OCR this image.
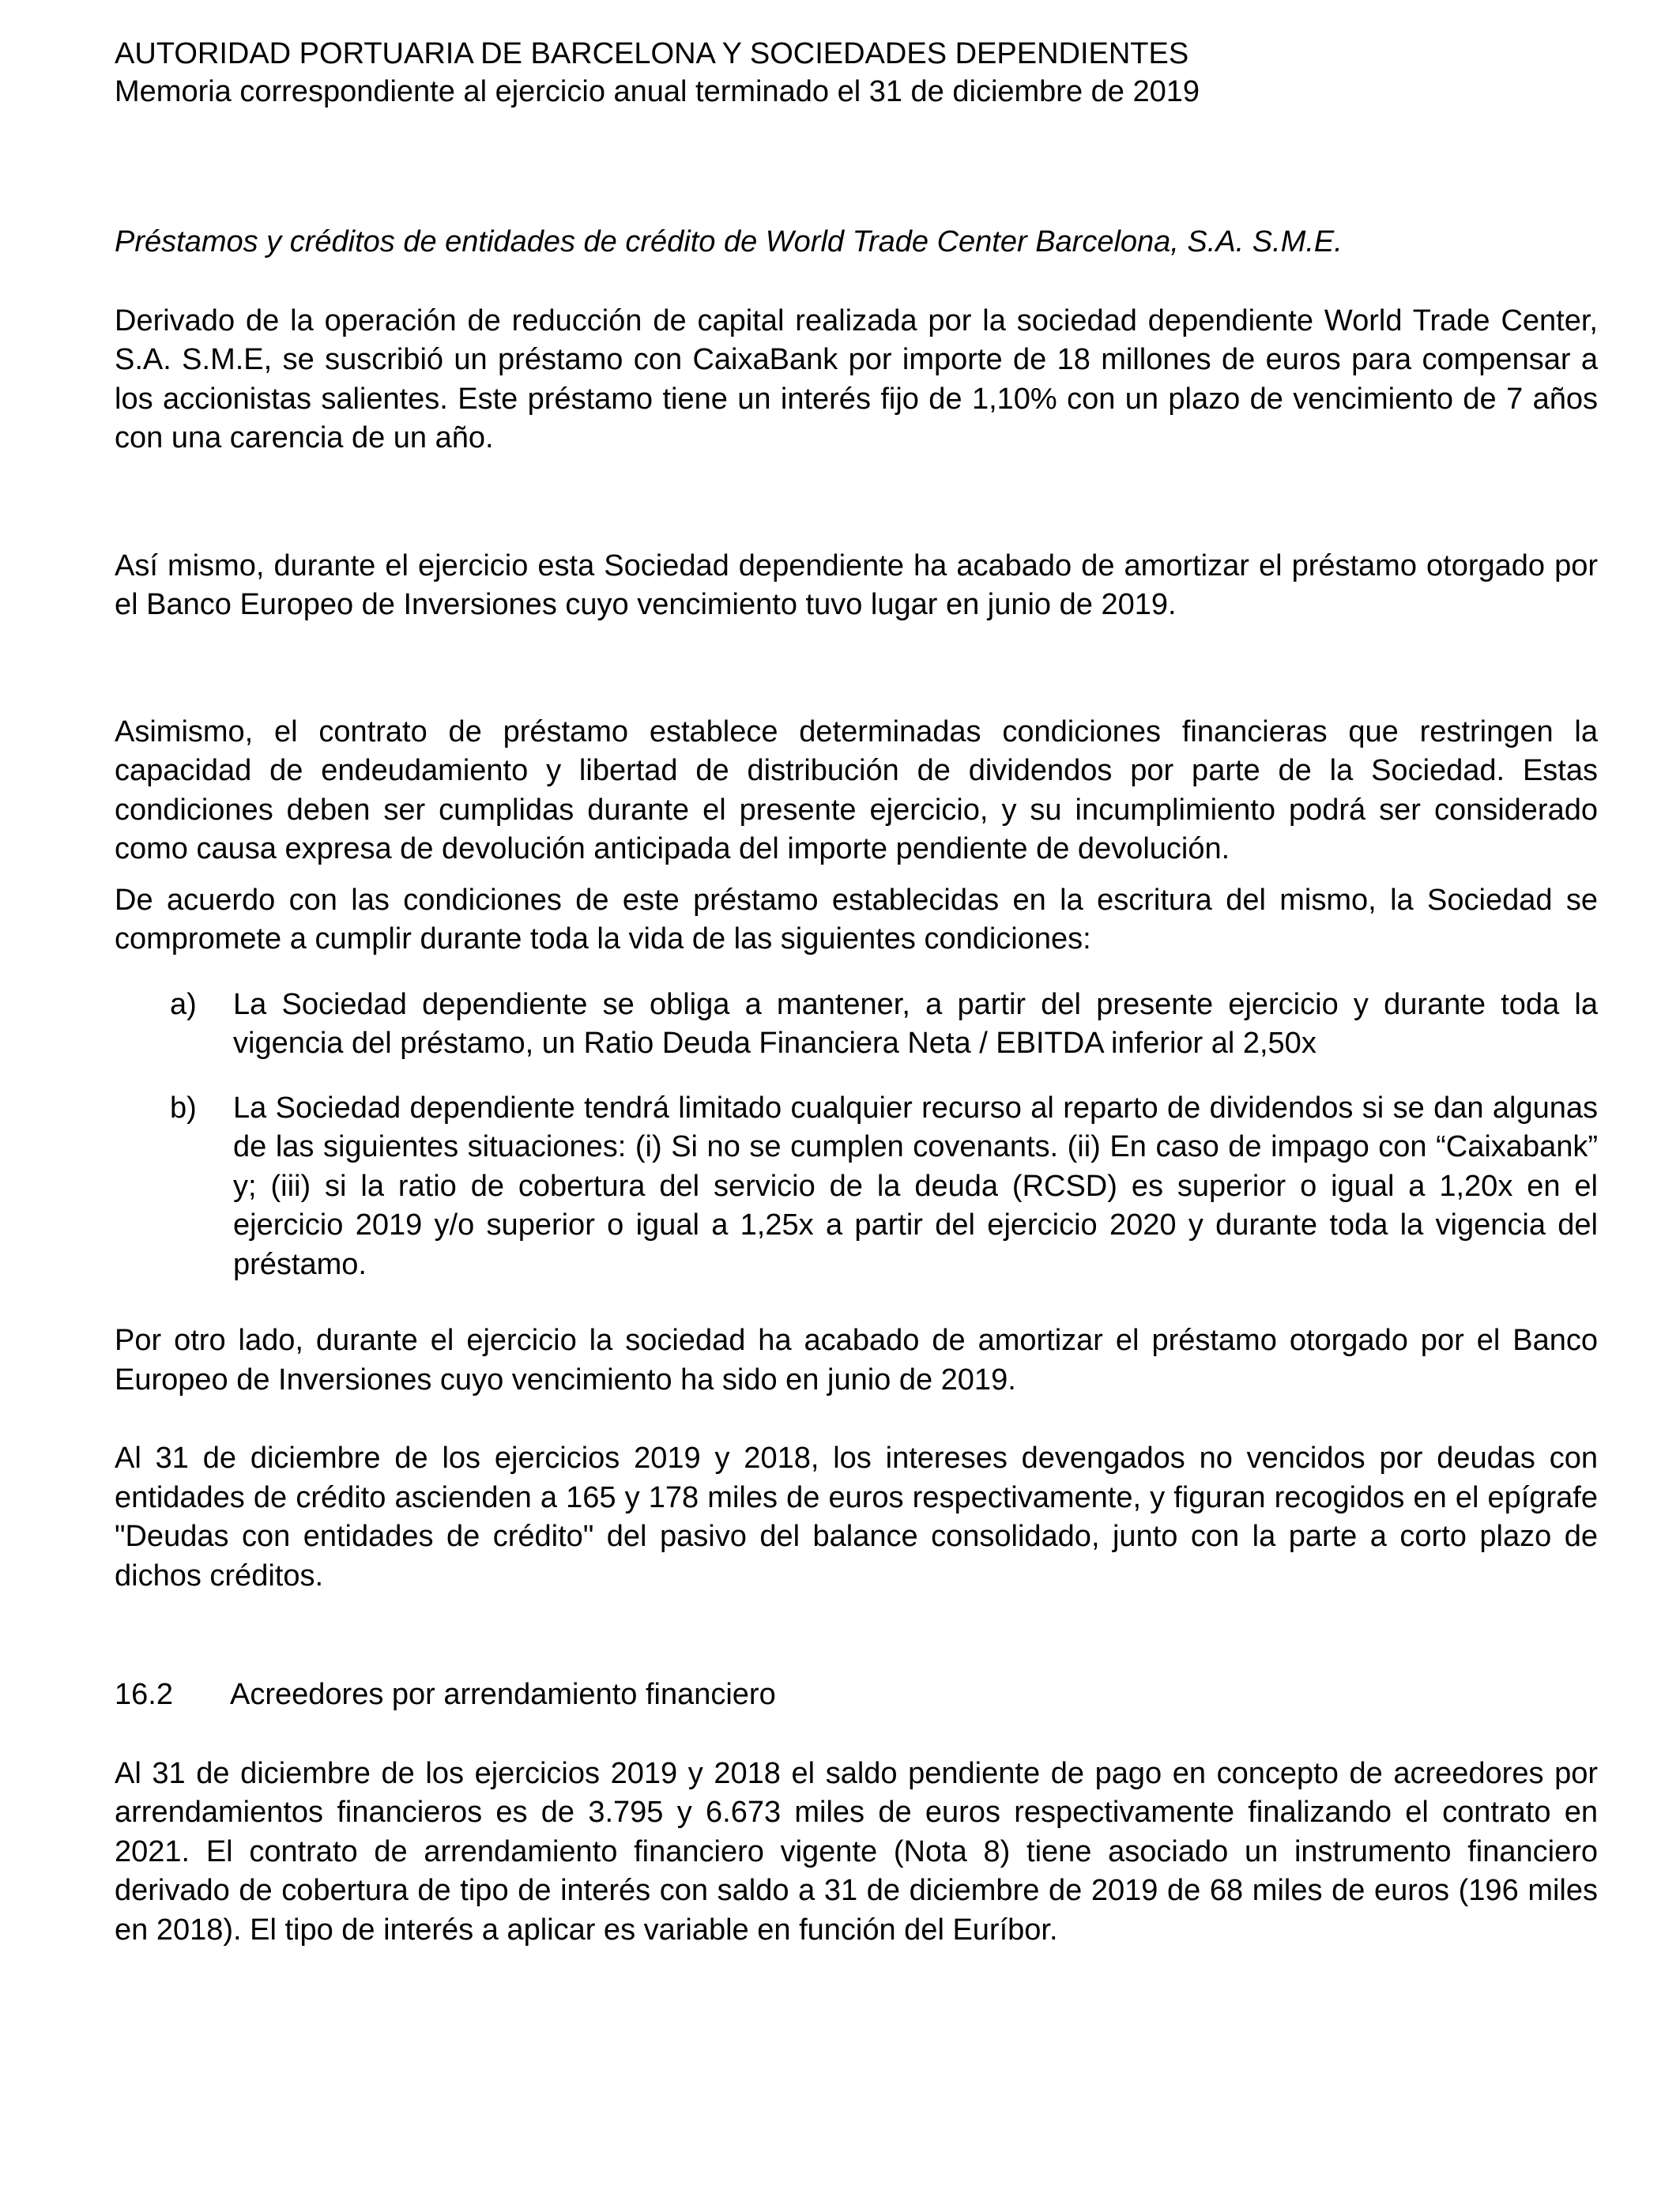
AUTORIDAD PORTUARIA DE BARCELONA Y SOCIEDADES DEPENDIENTES

Memoria correspondiente al ejercicio anual terminado el 31 de diciembre de 2019

Préstamos y créditos de entidades de crédito de World Trade Center Barcelona, S.A. S.M.E.

Derivado de la operación de reducción de capital realizada por la sociedad dependiente World Trade Center, S.A. S.M.E, se suscribió un préstamo con CaixaBank por importe de 18 millones de euros para compensar a los accionistas salientes. Este préstamo tiene un interés fijo de 1,10% con un plazo de vencimiento de 7 años con una carencia de un año.

Así mismo, durante el ejercicio esta Sociedad dependiente ha acabado de amortizar el préstamo otorgado por el Banco Europeo de Inversiones cuyo vencimiento tuvo lugar en junio de 2019.

Asimismo, el contrato de préstamo establece determinadas condiciones financieras que restringen la capacidad de endeudamiento y libertad de distribución de dividendos por parte de la Sociedad. Estas condiciones deben ser cumplidas durante el presente ejercicio, y su incumplimiento podrá ser considerado como causa expresa de devolución anticipada del importe pendiente de devolución.

De acuerdo con las condiciones de este préstamo establecidas en la escritura del mismo, la Sociedad se compromete a cumplir durante toda la vida de las siguientes condiciones:

a) La Sociedad dependiente se obliga a mantener, a partir del presente ejercicio y durante toda la vigencia del préstamo, un Ratio Deuda Financiera Neta / EBITDA inferior al 2,50x

b) La Sociedad dependiente tendrá limitado cualquier recurso al reparto de dividendos si se dan algunas de las siguientes situaciones: (i) Si no se cumplen covenants. (ii) En caso de impago con “Caixabank” y; (iii) si la ratio de cobertura del servicio de la deuda (RCSD) es superior o igual a 1,20x en el ejercicio 2019 y/o superior o igual a 1,25x a partir del ejercicio 2020 y durante toda la vigencia del préstamo.

Por otro lado, durante el ejercicio la sociedad ha acabado de amortizar el préstamo otorgado por el Banco Europeo de Inversiones cuyo vencimiento ha sido en junio de 2019.

Al 31 de diciembre de los ejercicios 2019 y 2018, los intereses devengados no vencidos por deudas con entidades de crédito ascienden a 165 y 178 miles de euros respectivamente, y figuran recogidos en el epígrafe "Deudas con entidades de crédito" del pasivo del balance consolidado, junto con la parte a corto plazo de dichos créditos.

16.2 Acreedores por arrendamiento financiero

Al 31 de diciembre de los ejercicios 2019 y 2018 el saldo pendiente de pago en concepto de acreedores por arrendamientos financieros es de 3.795 y 6.673 miles de euros respectivamente finalizando el contrato en 2021. El contrato de arrendamiento financiero vigente (Nota 8) tiene asociado un instrumento financiero derivado de cobertura de tipo de interés con saldo a 31 de diciembre de 2019 de 68 miles de euros (196 miles en 2018). El tipo de interés a aplicar es variable en función del Euríbor.
